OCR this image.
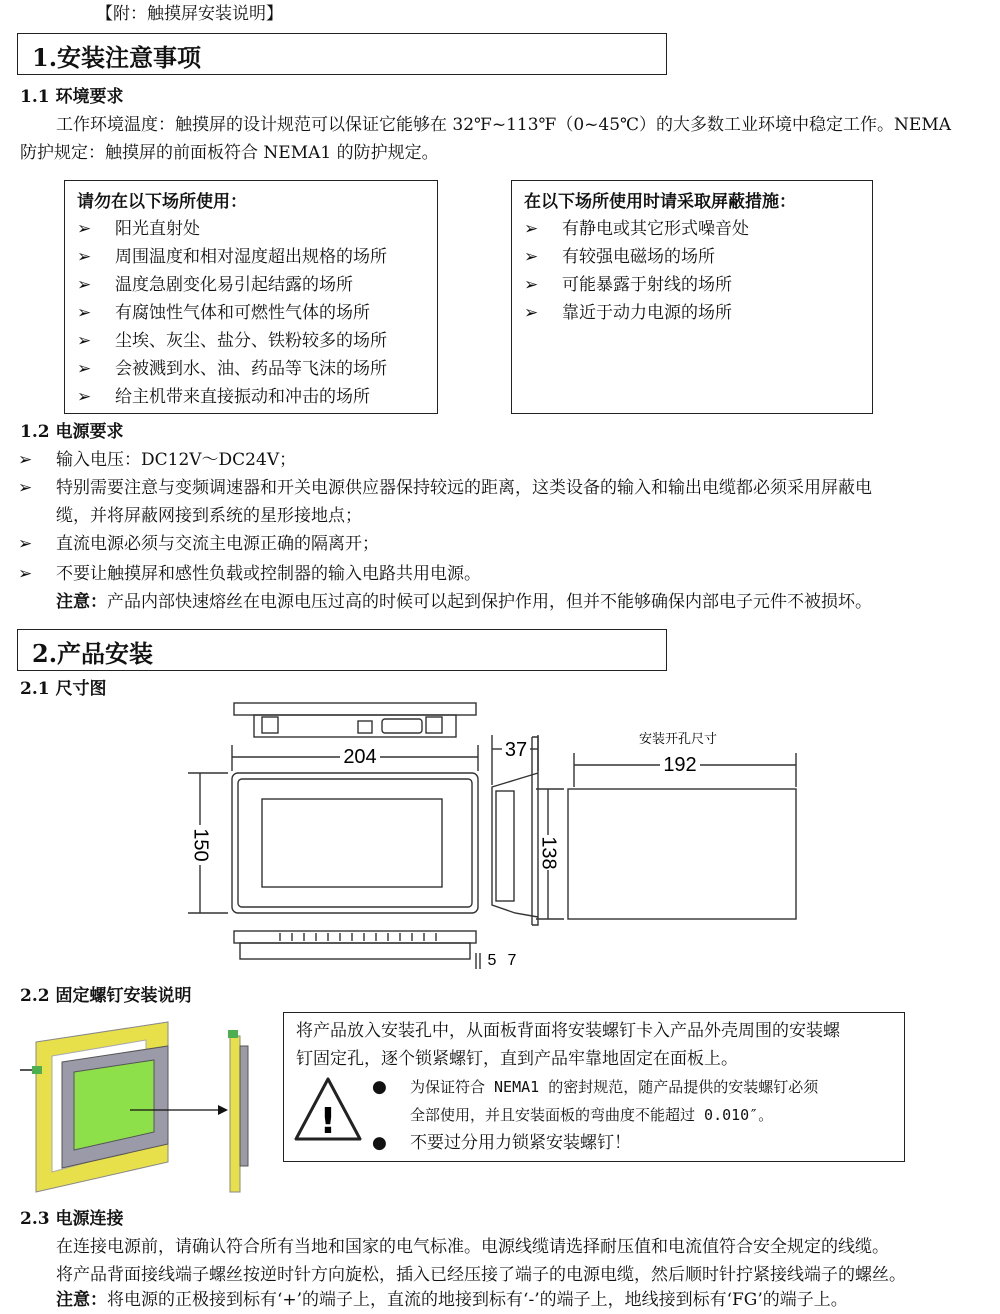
【附：触摸屏安装说明】
1.安装注意事项
1.1 环境要求
工作环境温度：触摸屏的设计规范可以保证它能够在 32℉~113℉（0~45℃）的大多数工业环境中稳定工作。NEMA
防护规定：触摸屏的前面板符合 NEMA1 的防护规定。
请勿在以下场所使用：
➢ 阳光直射处
➢ 周围温度和相对湿度超出规格的场所
➢ 温度急剧变化易引起结露的场所
➢ 有腐蚀性气体和可燃性气体的场所
➢ 尘埃、灰尘、盐分、铁粉较多的场所
➢ 会被溅到水、油、药品等飞沫的场所
➢ 给主机带来直接振动和冲击的场所
在以下场所使用时请采取屏蔽措施：
➢ 有静电或其它形式噪音处
➢ 有较强电磁场的场所
➢ 可能暴露于射线的场所
➢ 靠近于动力电源的场所
1.2 电源要求
➢ 输入电压：DC12V～DC24V；
➢ 特别需要注意与变频调速器和开关电源供应器保持较远的距离，这类设备的输入和输出电缆都必须采用屏蔽电
缆，并将屏蔽网接到系统的星形接地点；
➢ 直流电源必须与交流主电源正确的隔离开；
➢ 不要让触摸屏和感性负载或控制器的输入电路共用电源。
注意：产品内部快速熔丝在电源电压过高的时候可以起到保护作用，但并不能够确保内部电子元件不被损坏。
2.产品安装
2.1 尺寸图
204
150
37	安装开孔尺寸
192
138
5 7
2.2 固定螺钉安装说明
将产品放入安装孔中，从面板背面将安装螺钉卡入产品外壳周围的安装螺
钉固定孔，逐个锁紧螺钉，直到产品牢靠地固定在面板上。
!
● 为保证符合 NEMA1 的密封规范，随产品提供的安装螺钉必须
全部使用，并且安装面板的弯曲度不能超过 0.010″。
● 不要过分用力锁紧安装螺钉！
2.3 电源连接
在连接电源前，请确认符合所有当地和国家的电气标准。电源线缆请选择耐压值和电流值符合安全规定的线缆。
将产品背面接线端子螺丝按逆时针方向旋松，插入已经压接了端子的电源电缆，然后顺时针拧紧接线端子的螺丝。
注意：将电源的正极接到标有‘+’的端子上，直流的地接到标有‘-’的端子上，地线接到标有‘FG’的端子上。
